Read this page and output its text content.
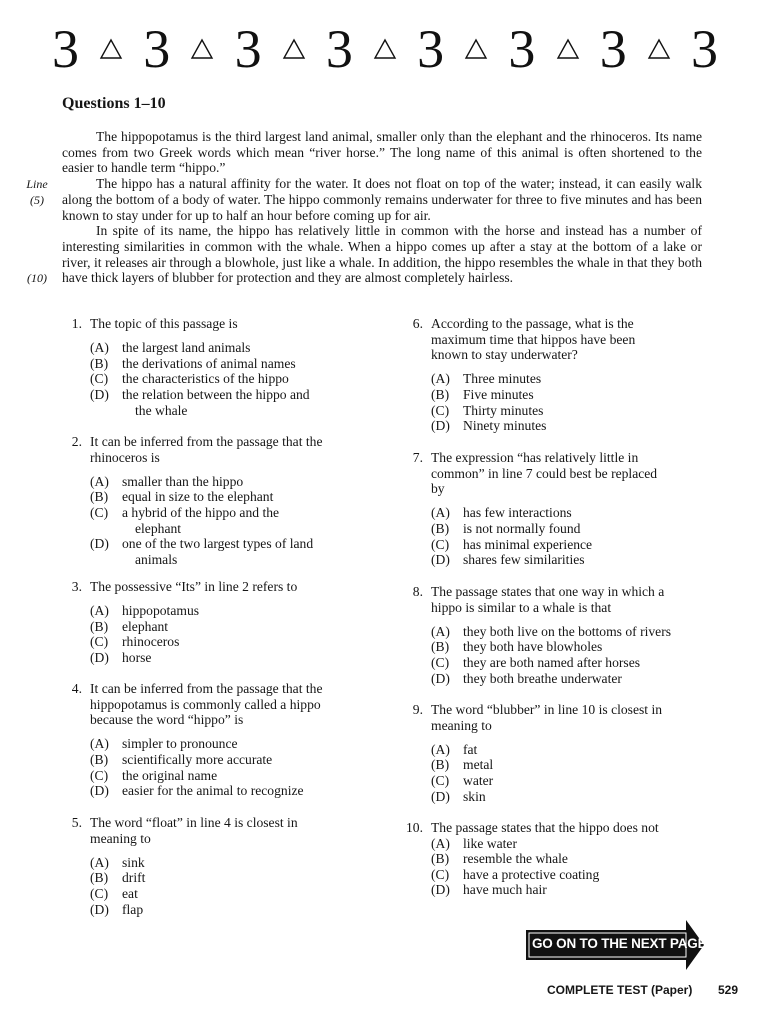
3 3 3 3 3 3 3 3
Questions 1–10

The hippopotamus is the third largest land animal, smaller only than the elephant and the rhinoceros. Its name comes from two Greek words which mean “river horse.” The long name of this animal is often shortened to the easier to handle term “hippo.”

The hippo has a natural affinity for the water. It does not float on top of the water; instead, it can easily walk along the bottom of a body of water. The hippo commonly remains underwater for three to five minutes and has been known to stay under for up to half an hour before coming up for air.

In spite of its name, the hippo has relatively little in common with the horse and instead has a number of interesting similarities in common with the whale. When a hippo comes up after a stay at the bottom of a lake or river, it releases air through a blowhole, just like a whale. In addition, the hippo resembles the whale in that they both have thick layers of blubber for protection and they are almost completely hairless.

Line
(5)
(10)
1. The topic of this passage is
(A) the largest land animals
(B) the derivations of animal names
(C) the characteristics of the hippo
(D) the relation between the hippo and
the whale
2. It can be inferred from the passage that the
rhinoceros is
(A) smaller than the hippo
(B) equal in size to the elephant
(C) a hybrid of the hippo and the
elephant
(D) one of the two largest types of land
animals
3. The possessive “Its” in line 2 refers to
(A) hippopotamus
(B) elephant
(C) rhinoceros
(D) horse
4. It can be inferred from the passage that the
hippopotamus is commonly called a hippo
because the word “hippo” is
(A) simpler to pronounce
(B) scientifically more accurate
(C) the original name
(D) easier for the animal to recognize
5. The word “float” in line 4 is closest in
meaning to
(A) sink
(B) drift
(C) eat
(D) flap
6. According to the passage, what is the
maximum time that hippos have been
known to stay underwater?
(A) Three minutes
(B) Five minutes
(C) Thirty minutes
(D) Ninety minutes
7. The expression “has relatively little in
common” in line 7 could best be replaced
by
(A) has few interactions
(B) is not normally found
(C) has minimal experience
(D) shares few similarities
8. The passage states that one way in which a
hippo is similar to a whale is that
(A) they both live on the bottoms of rivers
(B) they both have blowholes
(C) they are both named after horses
(D) they both breathe underwater
9. The word “blubber” in line 10 is closest in
meaning to
(A) fat
(B) metal
(C) water
(D) skin
10. The passage states that the hippo does not
(A) like water
(B) resemble the whale
(C) have a protective coating
(D) have much hair
GO ON TO THE NEXT PAGE
COMPLETE TEST (Paper) 529
